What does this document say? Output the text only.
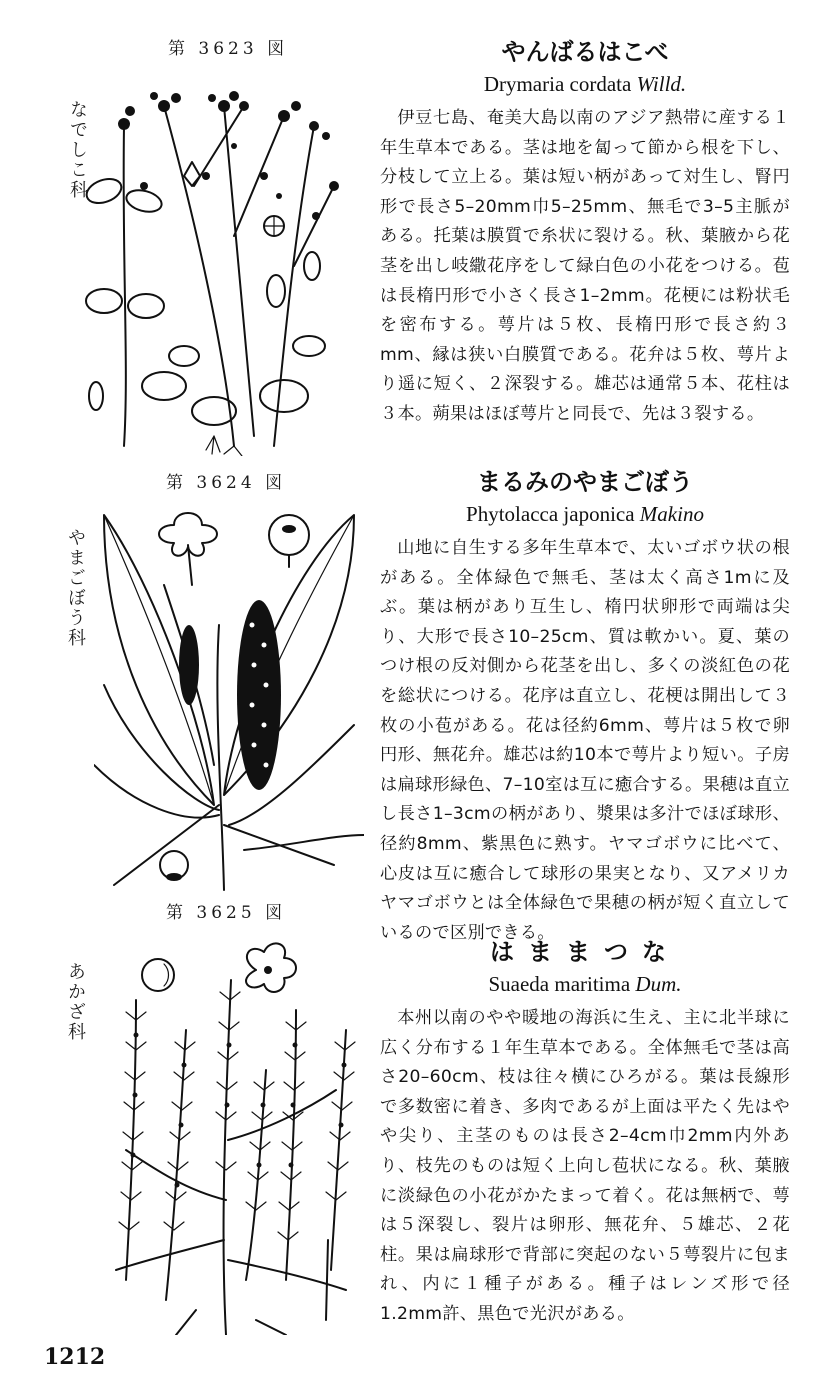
第 3623 図
なでしこ科
やんばるはこべ
Drymaria cordata Willd.

伊豆七島、奄美大島以南のアジア熱帯に産する１年生草本である。茎は地を匐って節から根を下し、分枝して立上る。葉は短い柄があって対生し、腎円形で長さ5–20mm巾5–25mm、無毛で3–5主脈がある。托葉は膜質で糸状に裂ける。秋、葉腋から花茎を出し岐繖花序をして緑白色の小花をつける。苞は長楕円形で小さく長さ1–2mm。花梗には粉状毛を密布する。萼片は５枚、長楕円形で長さ約３mm、縁は狭い白膜質である。花弁は５枚、萼片より遥に短く、２深裂する。雄芯は通常５本、花柱は３本。蒴果はほぼ萼片と同長で、先は３裂する。

第 3624 図
やまごぼう科
まるみのやまごぼう
Phytolacca japonica Makino

山地に自生する多年生草本で、太いゴボウ状の根がある。全体緑色で無毛、茎は太く高さ1mに及ぶ。葉は柄があり互生し、楕円状卵形で両端は尖り、大形で長さ10–25cm、質は軟かい。夏、葉のつけ根の反対側から花茎を出し、多くの淡紅色の花を総状につける。花序は直立し、花梗は開出して３枚の小苞がある。花は径約6mm、萼片は５枚で卵円形、無花弁。雄芯は約10本で萼片より短い。子房は扁球形緑色、7–10室は互に癒合する。果穂は直立し長さ1–3cmの柄があり、漿果は多汁でほぼ球形、径約8mm、紫黒色に熟す。ヤマゴボウに比べて、心皮は互に癒合して球形の果実となり、又アメリカヤマゴボウとは全体緑色で果穂の柄が短く直立しているので区別できる。

第 3625 図
あかざ科
はままつな
Suaeda maritima Dum.

本州以南のやや暖地の海浜に生え、主に北半球に広く分布する１年生草本である。全体無毛で茎は高さ20–60cm、枝は往々横にひろがる。葉は長線形で多数密に着き、多肉であるが上面は平たく先はやや尖り、主茎のものは長さ2–4cm巾2mm内外あり、枝先のものは短く上向し苞状になる。秋、葉腋に淡緑色の小花がかたまって着く。花は無柄で、萼は５深裂し、裂片は卵形、無花弁、５雄芯、２花柱。果は扁球形で背部に突起のない５萼裂片に包まれ、内に１種子がある。種子はレンズ形で径1.2mm許、黒色で光沢がある。

1212
